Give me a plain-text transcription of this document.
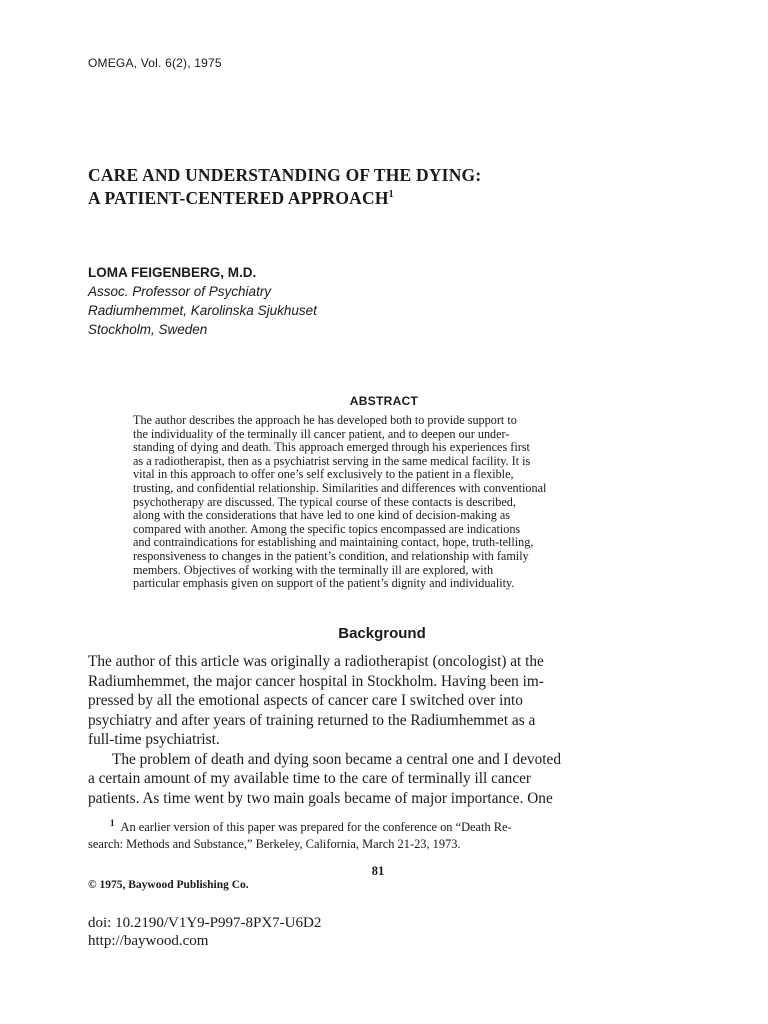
OMEGA, Vol. 6(2), 1975
CARE AND UNDERSTANDING OF THE DYING:
A PATIENT-CENTERED APPROACH$^1$
LOMA FEIGENBERG, M.D.
Assoc. Professor of Psychiatry
Radiumhemmet, Karolinska Sjukhuset
Stockholm, Sweden
ABSTRACT
The author describes the approach he has developed both to provide support to
the individuality of the terminally ill cancer patient, and to deepen our under-
standing of dying and death. This approach emerged through his experiences first
as a radiotherapist, then as a psychiatrist serving in the same medical facility. It is
vital in this approach to offer one’s self exclusively to the patient in a flexible,
trusting, and confidential relationship. Similarities and differences with conventional
psychotherapy are discussed. The typical course of these contacts is described,
along with the considerations that have led to one kind of decision-making as
compared with another. Among the specific topics encompassed are indications
and contraindications for establishing and maintaining contact, hope, truth-telling,
responsiveness to changes in the patient’s condition, and relationship with family
members. Objectives of working with the terminally ill are explored, with
particular emphasis given on support of the patient’s dignity and individuality.
Background
The author of this article was originally a radiotherapist (oncologist) at the
Radiumhemmet, the major cancer hospital in Stockholm. Having been im-
pressed by all the emotional aspects of cancer care I switched over into
psychiatry and after years of training returned to the Radiumhemmet as a
full-time psychiatrist.
The problem of death and dying soon became a central one and I devoted
a certain amount of my available time to the care of terminally ill cancer
patients. As time went by two main goals became of major importance. One
$^1$ An earlier version of this paper was prepared for the conference on “Death Re-
search: Methods and Substance,” Berkeley, California, March 21-23, 1973.
81
© 1975, Baywood Publishing Co.
doi: 10.2190/V1Y9-P997-8PX7-U6D2
http://baywood.com
